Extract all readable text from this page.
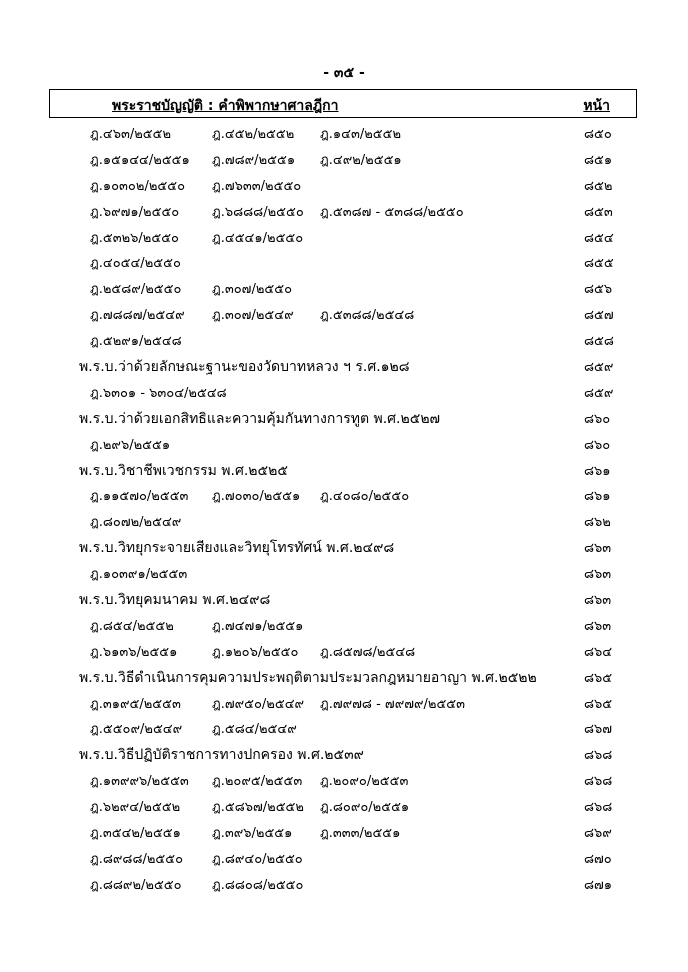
- ๓๕ -
พระราชบัญญัติ : คำพิพากษาศาลฎีกา	หน้า
ฎ.๔๖๓/๒๕๕๒	ฎ.๔๕๒/๒๕๕๒ ฎ.๑๔๓/๒๕๕๒	๘๕๐
ฎ.๑๕๑๔๔/๒๕๕๑ ฎ.๗๘๙/๒๕๕๑ ฎ.๔๙๒/๒๕๕๑	๘๕๑
ฎ.๑๐๓๐๒/๒๕๕๐ ฎ.๗๖๓๓/๒๕๕๐	๘๕๒
ฎ.๖๙๗๑/๒๕๕๐	ฎ.๖๘๘๘/๒๕๕๐ ฎ.๕๓๘๗ - ๕๓๘๘/๒๕๕๐	๘๕๓
ฎ.๕๓๒๖/๒๕๕๐	ฎ.๔๕๔๑/๒๕๕๐	๘๕๔
ฎ.๔๐๕๔/๒๕๕๐	๘๕๕
ฎ.๒๕๘๙/๒๕๕๐ ฎ.๓๐๗/๒๕๕๐	๘๕๖
ฎ.๗๘๘๗/๒๕๔๙ ฎ.๓๐๗/๒๕๔๙ ฎ.๕๓๘๘/๒๕๔๘	๘๕๗
ฎ.๕๒๙๑/๒๕๔๘	๘๕๘
พ.ร.บ.ว่าด้วยลักษณะฐานะของวัดบาทหลวง ฯ ร.ศ.๑๒๘	๘๕๙
ฎ.๖๓๐๑ - ๖๓๐๔/๒๕๔๘	๘๕๙
พ.ร.บ.ว่าด้วยเอกสิทธิและความคุ้มกันทางการทูต พ.ศ.๒๕๒๗	๘๖๐
ฎ.๒๙๖/๒๕๕๑	๘๖๐
พ.ร.บ.วิชาชีพเวชกรรม พ.ศ.๒๕๒๕	๘๖๑
ฎ.๑๑๕๗๐/๒๕๕๓ ฎ.๗๐๓๐/๒๕๕๑ ฎ.๔๐๘๐/๒๕๕๐	๘๖๑
ฎ.๘๐๗๒/๒๕๔๙	๘๖๒
พ.ร.บ.วิทยุกระจายเสียงและวิทยุโทรทัศน์ พ.ศ.๒๔๙๘	๘๖๓
ฎ.๑๐๓๙๑/๒๕๕๓	๘๖๓
พ.ร.บ.วิทยุคมนาคม พ.ศ.๒๔๙๘	๘๖๓
ฎ.๘๕๔/๒๕๕๒	ฎ.๗๔๗๑/๒๕๕๑	๘๖๓
ฎ.๖๑๓๖/๒๕๕๑	ฎ.๑๒๐๖/๒๕๕๐ ฎ.๘๕๗๘/๒๕๔๘	๘๖๔
พ.ร.บ.วิธีดำเนินการคุมความประพฤติตามประมวลกฎหมายอาญา พ.ศ.๒๕๒๒	๘๖๕
ฎ.๓๑๙๕/๒๕๕๓ ฎ.๗๙๕๐/๒๕๔๙ ฎ.๗๙๗๘ - ๗๙๗๙/๒๕๕๓	๘๖๕
ฎ.๕๕๐๙/๒๕๔๙ ฎ.๕๘๔/๒๕๔๙	๘๖๗
พ.ร.บ.วิธีปฏิบัติราชการทางปกครอง พ.ศ.๒๕๓๙	๘๖๘
ฎ.๑๓๙๙๖/๒๕๕๓ ฎ.๒๐๙๕/๒๕๕๓ ฎ.๒๐๙๐/๒๕๕๓	๘๖๘
ฎ.๖๒๙๔/๒๕๕๒ ฎ.๕๘๖๗/๒๕๕๒ ฎ.๘๐๙๐/๒๕๕๑	๘๖๘
ฎ.๓๕๔๒/๒๕๕๑ ฎ.๓๙๖/๒๕๕๑ ฎ.๓๓๓/๒๕๕๑	๘๖๙
ฎ.๘๙๘๘/๒๕๕๐ ฎ.๘๙๔๐/๒๕๕๐	๘๗๐
ฎ.๘๘๙๒/๒๕๕๐ ฎ.๘๘๐๘/๒๕๕๐	๘๗๑
